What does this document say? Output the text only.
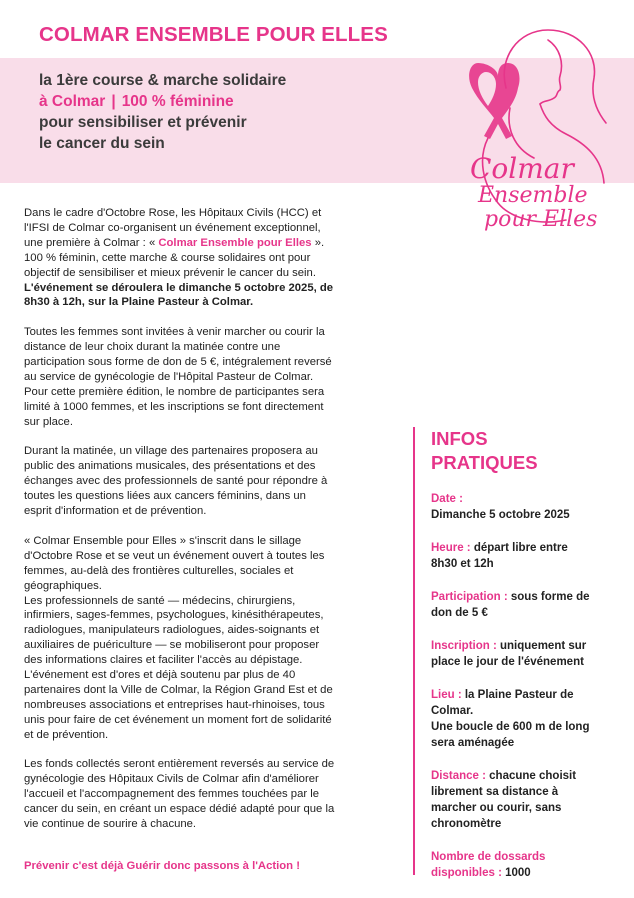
COLMAR ENSEMBLE POUR ELLES
la 1ère course & marche solidaire
à Colmar | 100 % féminine
pour sensibiliser et prévenir
le cancer du sein
Colmar
Ensemble
pour Elles

Dans le cadre d'Octobre Rose, les Hôpitaux Civils (HCC) et
l'IFSI de Colmar co-organisent un événement exceptionnel,
une première à Colmar : « Colmar Ensemble pour Elles ».
100 % féminin, cette marche & course solidaires ont pour
objectif de sensibiliser et mieux prévenir le cancer du sein.
L'événement se déroulera le dimanche 5 octobre 2025, de
8h30 à 12h, sur la Plaine Pasteur à Colmar.

Toutes les femmes sont invitées à venir marcher ou courir la
distance de leur choix durant la matinée contre une
participation sous forme de don de 5 €, intégralement reversé
au service de gynécologie de l'Hôpital Pasteur de Colmar.
Pour cette première édition, le nombre de participantes sera
limité à 1000 femmes, et les inscriptions se font directement
sur place.

Durant la matinée, un village des partenaires proposera au
public des animations musicales, des présentations et des
échanges avec des professionnels de santé pour répondre à
toutes les questions liées aux cancers féminins, dans un
esprit d'information et de prévention.

« Colmar Ensemble pour Elles » s'inscrit dans le sillage
d'Octobre Rose et se veut un événement ouvert à toutes les
femmes, au-delà des frontières culturelles, sociales et
géographiques.
Les professionnels de santé — médecins, chirurgiens,
infirmiers, sages-femmes, psychologues, kinésithérapeutes,
radiologues, manipulateurs radiologues, aides-soignants et
auxiliaires de puériculture — se mobiliseront pour proposer
des informations claires et faciliter l'accès au dépistage.
L'événement est d'ores et déjà soutenu par plus de 40
partenaires dont la Ville de Colmar, la Région Grand Est et de
nombreuses associations et entreprises haut-rhinoises, tous
unis pour faire de cet événement un moment fort de solidarité
et de prévention.

Les fonds collectés seront entièrement reversés au service de
gynécologie des Hôpitaux Civils de Colmar afin d'améliorer
l'accueil et l'accompagnement des femmes touchées par le
cancer du sein, en créant un espace dédié adapté pour que la
vie continue de sourire à chacune.

Prévenir c'est déjà Guérir donc passons à l'Action !
INFOS
PRATIQUES
Date :
Dimanche 5 octobre 2025
Heure : départ libre entre
8h30 et 12h
Participation : sous forme de
don de 5 €
Inscription : uniquement sur
place le jour de l'événement
Lieu : la Plaine Pasteur de
Colmar.
Une boucle de 600 m de long
sera aménagée
Distance : chacune choisit
librement sa distance à
marcher ou courir, sans
chronomètre
Nombre de dossards
disponibles : 1000
